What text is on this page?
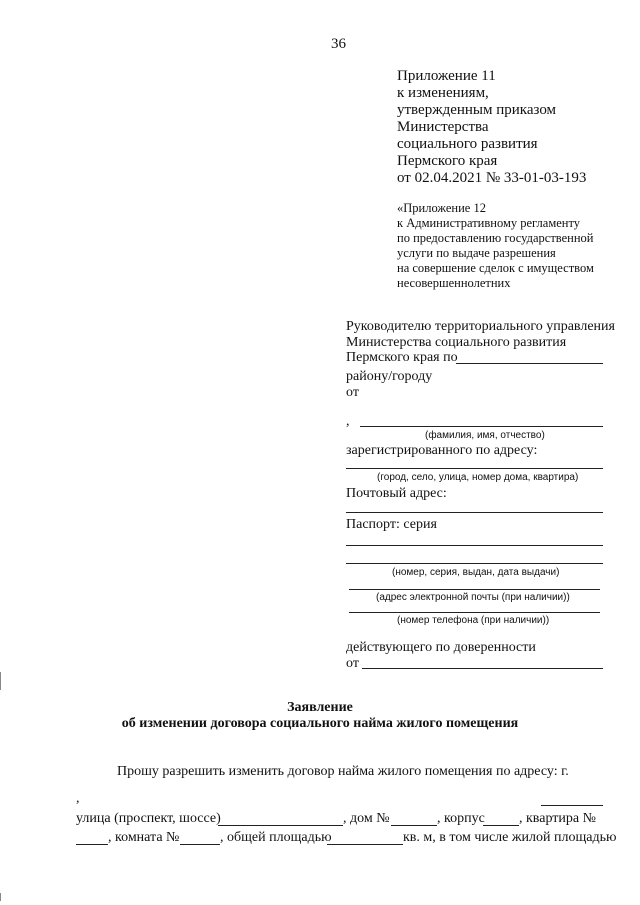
36
Приложение 11
к изменениям,
утвержденным приказом
Министерства
социального развития
Пермского края
от 02.04.2021 № 33-01-03-193
«Приложение 12
к Административному регламенту
по предоставлению государственной
услуги по выдаче разрешения
на совершение сделок с имуществом
несовершеннолетних
Руководителю территориального управления
Министерства социального развития
Пермского края по
району/городу
от
,
(фамилия, имя, отчество)
зарегистрированного по адресу:
(город, село, улица, номер дома, квартира)
Почтовый адрес:
Паспорт: серия
(номер, серия, выдан, дата выдачи)
(адрес электронной почты (при наличии))
(номер телефона (при наличии))
действующего по доверенности
от
Заявление
об изменении договора социального найма жилого помещения
Прошу разрешить изменить договор найма жилого помещения по адресу: г.
,
улица (проспект, шоссе)	, дом №	, корпус , квартира №
, комната №	, общей площадью	кв. м, в том числе жилой площадью
